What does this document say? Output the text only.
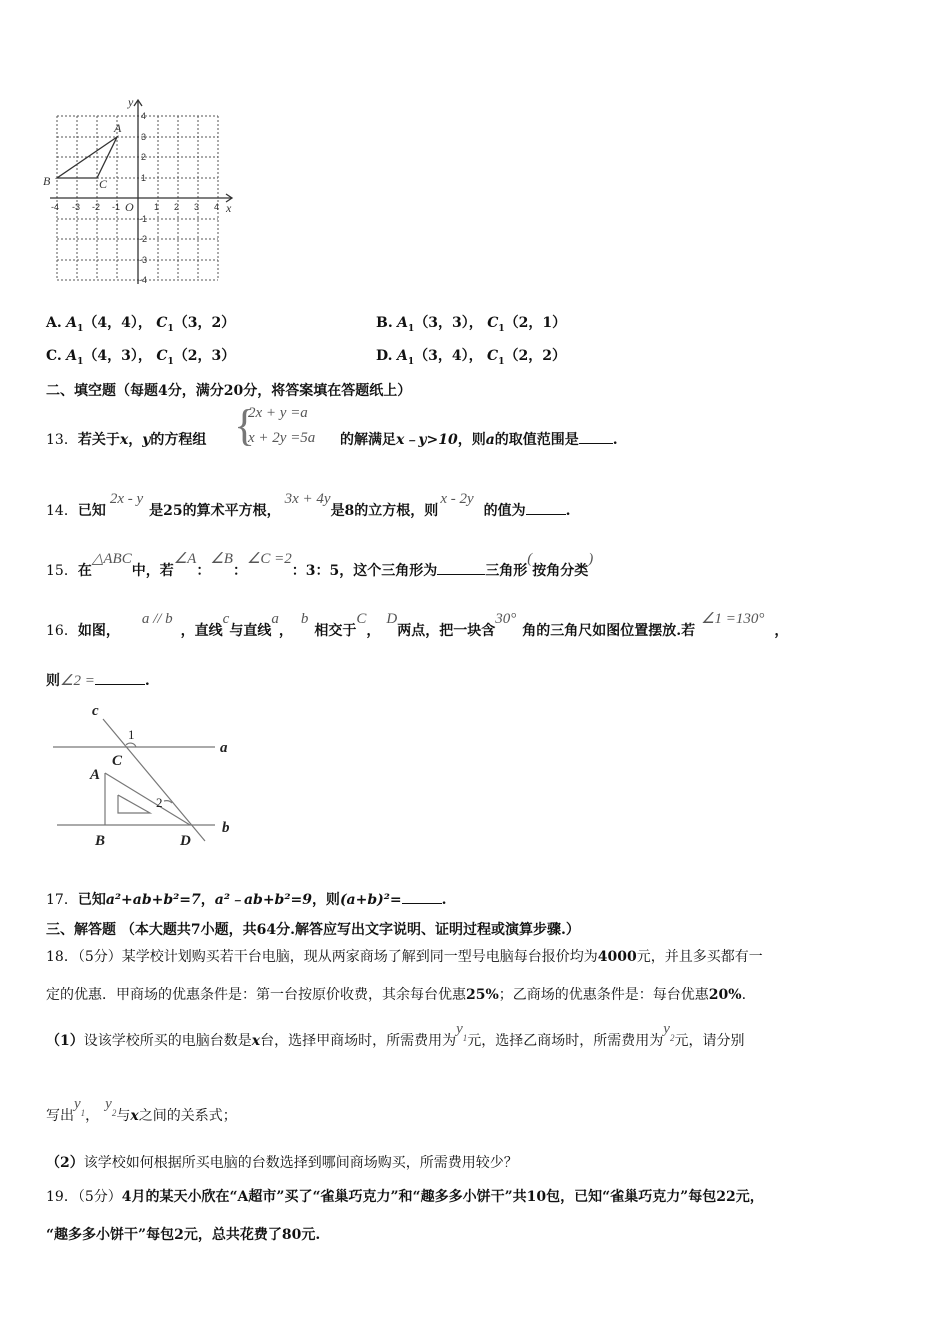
B	C
A
y
x
O
-4 -3 -2 -1	1 2 3 4
4
3
2
1
-1
-2
-3
-4
A. $A_1(4$，4）， $C_1(3$，2）	B. $A_1(3$，3）， $C_1(2$，1）
C. $A_1(4$，3）， $C_1(2$，3）	D. $A_1(3$，4）， $C_1(2$，2）
二、填空题（每题4分，满分20分，将答案填在答题纸上）
13．若关于x，y的方程组 {
2x + y =a
x + 2y =5a 的解满足x﹣y>10，则a的取值范围是 .
14．已知2x - y是25的算术平方根，3x + 4y是8的立方根，则x - 2y的值为	.
15．在△ABC中，若∠A：∠B：∠C =2：3：5，这个三角形为	三角形(按角分类)
16．如图，a // b，直线c与直线a，b相交于C，D两点，把一块含30°角的三角尺如图位置摆放.若∠1 =130°，
则∠2 =	.
c
a
b
C
A
B	D
1
2
17．已知a²+ab+b²=7，a²﹣ab+b²=9，则(a+b)²=	.
三、解答题 （本大题共7小题，共64分.解答应写出文字说明、证明过程或演算步骤.）
18．（5分）某学校计划购买若干台电脑，现从两家商场了解到同一型号电脑每台报价均为4000元，并且多买都有一
定的优惠．甲商场的优惠条件是：第一台按原价收费，其余每台优惠25%；乙商场的优惠条件是：每台优惠20%.
（1）设该学校所买的电脑台数是x台，选择甲商场时，所需费用为$y_1$元，选择乙商场时，所需费用为$y_2$元，请分别
写出$y_1$，$y_2$与x之间的关系式；
（2）该学校如何根据所买电脑的台数选择到哪间商场购买，所需费用较少？
19．（5分）4月的某天小欣在“A超市”买了“雀巢巧克力”和“趣多多小饼干”共10包，已知“雀巢巧克力”每包22元，
“趣多多小饼干”每包2元，总共花费了80元.
